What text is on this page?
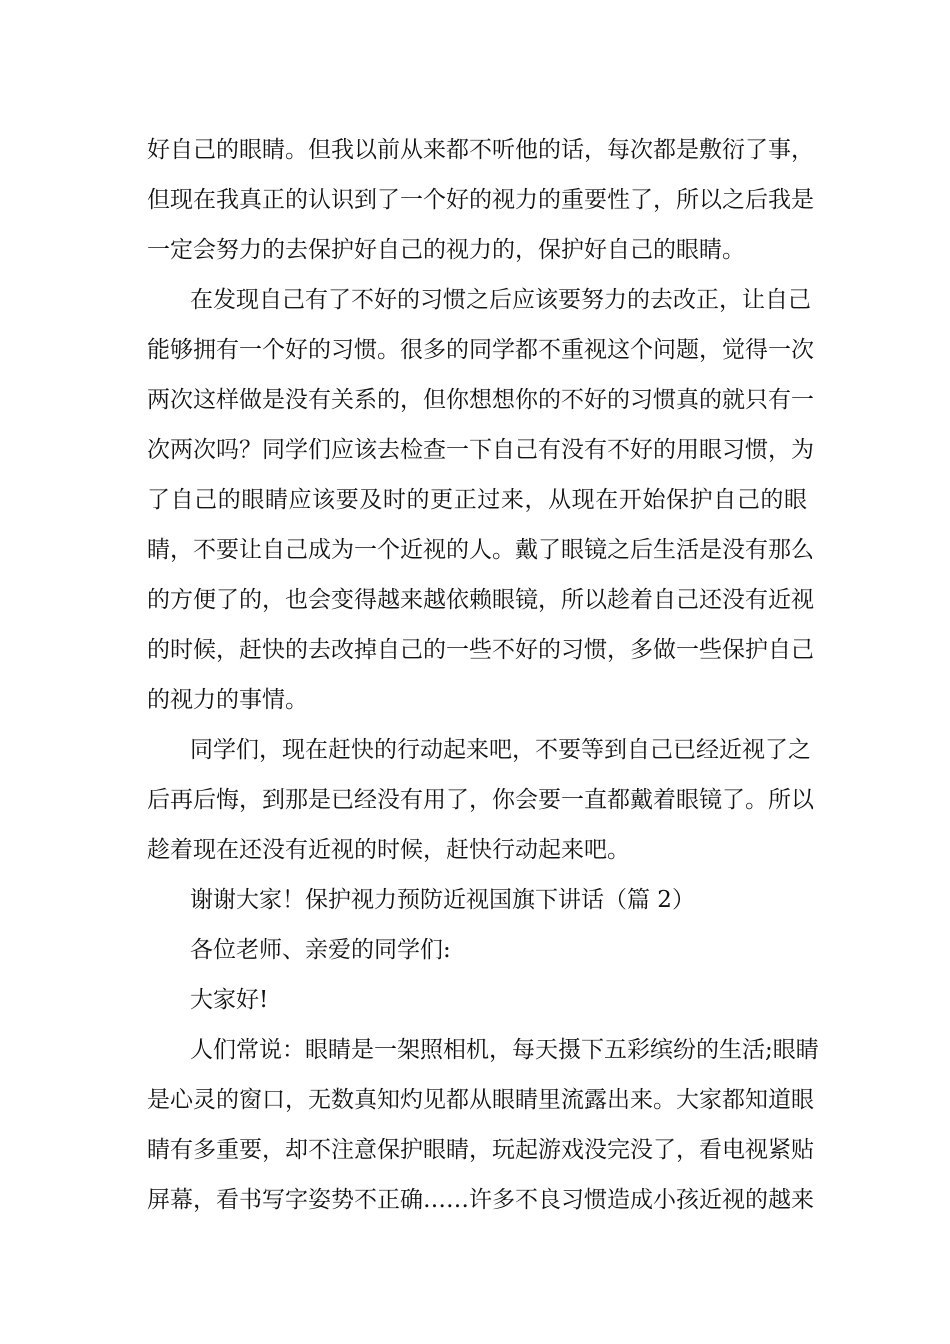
好自己的眼睛。但我以前从来都不听他的话，每次都是敷衍了事，
但现在我真正的认识到了一个好的视力的重要性了，所以之后我是
一定会努力的去保护好自己的视力的，保护好自己的眼睛。
在发现自己有了不好的习惯之后应该要努力的去改正，让自己
能够拥有一个好的习惯。很多的同学都不重视这个问题，觉得一次
两次这样做是没有关系的，但你想想你的不好的习惯真的就只有一
次两次吗？同学们应该去检查一下自己有没有不好的用眼习惯，为
了自己的眼睛应该要及时的更正过来，从现在开始保护自己的眼
睛，不要让自己成为一个近视的人。戴了眼镜之后生活是没有那么
的方便了的，也会变得越来越依赖眼镜，所以趁着自己还没有近视
的时候，赶快的去改掉自己的一些不好的习惯，多做一些保护自己
的视力的事情。
同学们，现在赶快的行动起来吧，不要等到自己已经近视了之
后再后悔，到那是已经没有用了，你会要一直都戴着眼镜了。所以
趁着现在还没有近视的时候，赶快行动起来吧。
谢谢大家！保护视力预防近视国旗下讲话（篇 2）
各位老师、亲爱的同学们:
大家好!
人们常说：眼睛是一架照相机，每天摄下五彩缤纷的生活;眼睛
是心灵的窗口，无数真知灼见都从眼睛里流露出来。大家都知道眼
睛有多重要，却不注意保护眼睛，玩起游戏没完没了，看电视紧贴
屏幕，看书写字姿势不正确……许多不良习惯造成小孩近视的越来
